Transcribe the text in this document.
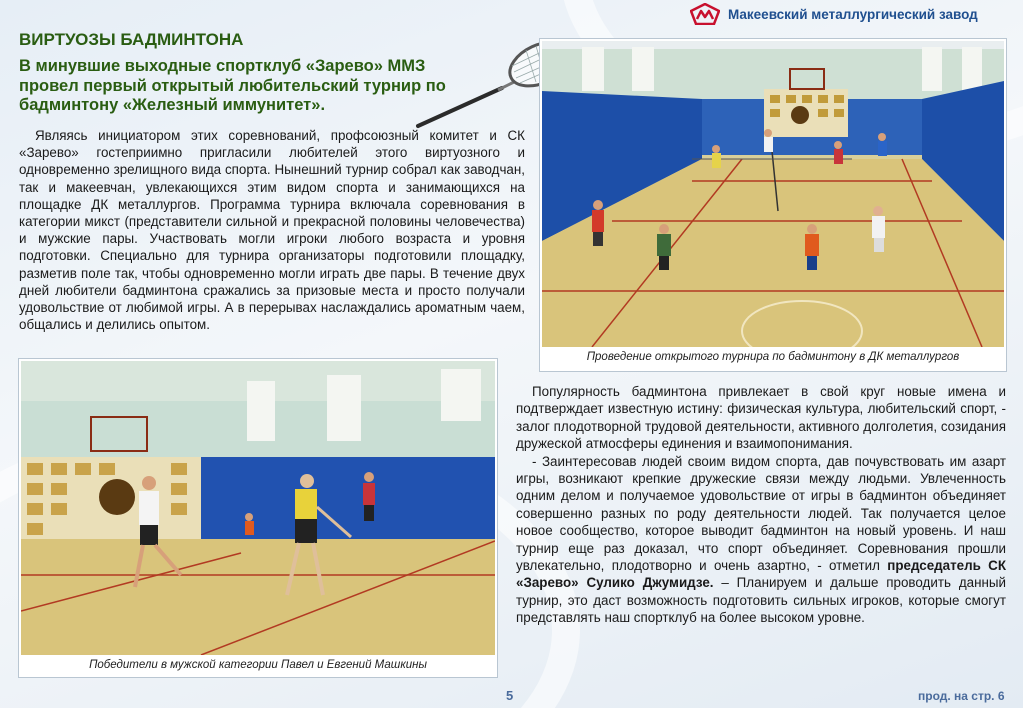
Макеевский металлургический завод
ВИРТУОЗЫ БАДМИНТОНА
В минувшие выходные спортклуб «Зарево» ММЗ провел первый открытый любительский турнир по бадминтону «Железный иммунитет».

Являясь инициатором этих соревнований, профсоюзный комитет и СК «Зарево» гостеприимно пригласили любителей этого виртуозного и одновременно зрелищного вида спорта. Нынешний турнир собрал как заводчан, так и макеевчан, увлекающихся этим видом спорта и занимающихся на площадке ДК металлургов. Программа турнира включала соревнования в категории микст (представители сильной и прекрасной половины человечества) и мужские пары. Участвовать могли игроки любого возраста и уровня подготовки. Специально для турнира организаторы подготовили площадку, разметив поле так, чтобы одновременно могли играть две пары. В течение двух дней любители бадминтона сражались за призовые места и просто получали удовольствие от любимой игры. А в перерывах наслаждались ароматным чаем, общались и делились опытом.

Проведение открытого турнира по бадминтону в ДК металлургов
Победители в мужской категории Павел и Евгений Машкины

Популярность бадминтона привлекает в свой круг новые имена и подтверждает известную истину: физическая культура, любительский спорт, - залог плодотворной трудовой деятельности, активного долголетия, созидания дружеской атмосферы единения и взаимопонимания.

- Заинтересовав людей своим видом спорта, дав почувствовать им азарт игры, возникают крепкие дружеские связи между людьми. Увлеченность одним делом и получаемое удовольствие от игры в бадминтон объединяет совершенно разных по роду деятельности людей. Так получается целое новое сообщество, которое выводит бадминтон на новый уровень. И наш турнир еще раз доказал, что спорт объединяет. Соревнования прошли увлекательно, плодотворно и очень азартно, - отметил председатель СК «Зарево» Сулико Джумидзе. – Планируем и дальше проводить данный турнир, это даст возможность подготовить сильных игроков, которые смогут представлять наш спортклуб на более высоком уровне.

5	прод. на стр. 6
